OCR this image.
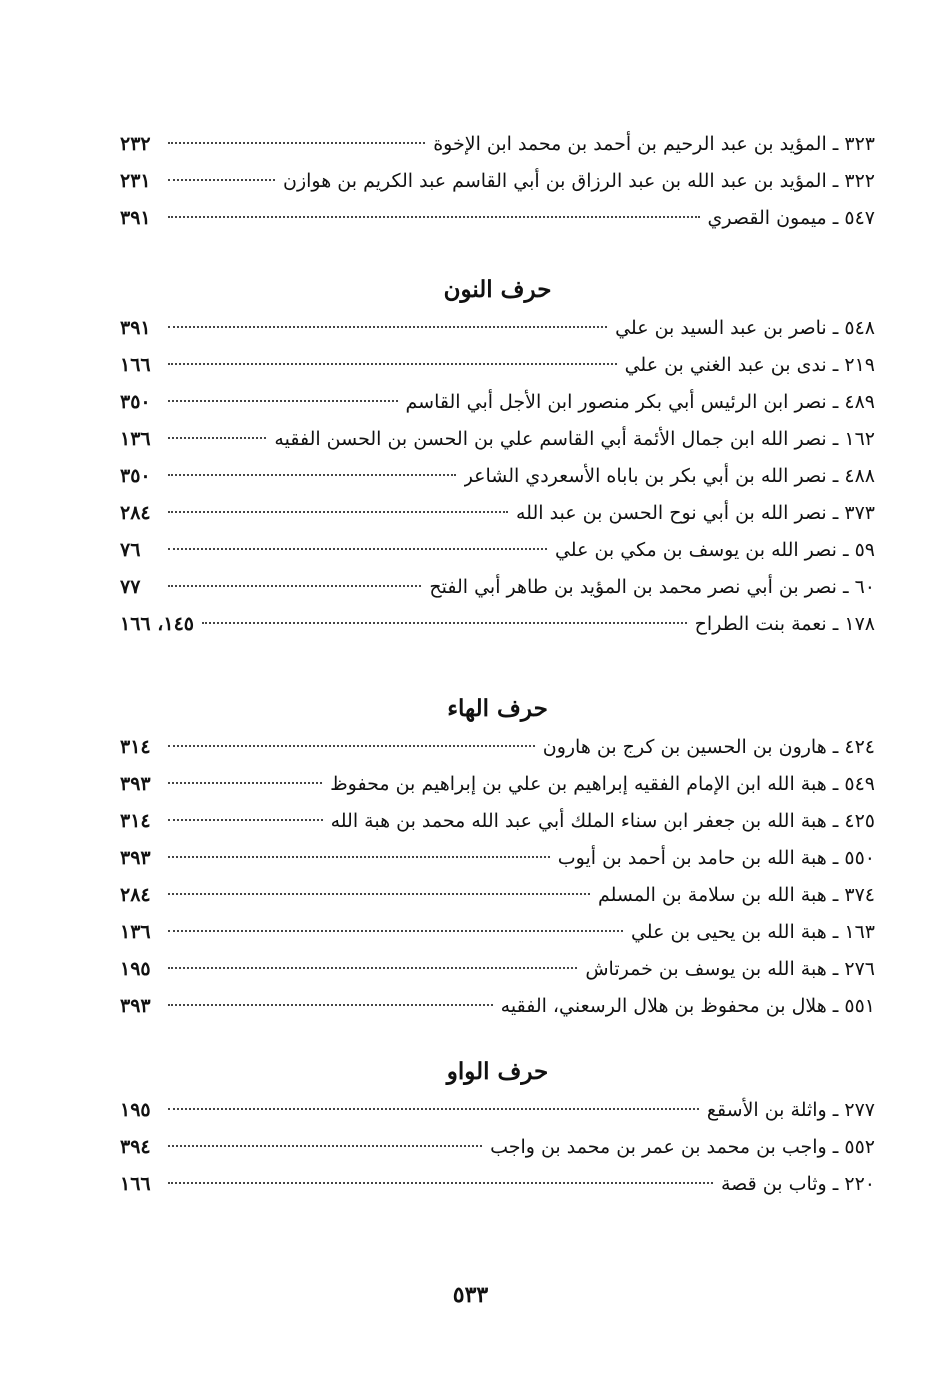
٣٢٣ ـ المؤيد بن عبد الرحيم بن أحمد بن محمد ابن الإخوة
٢٣٢
٣٢٢ ـ المؤيد بن عبد الله بن عبد الرزاق بن أبي القاسم عبد الكريم بن هوازن
٢٣١
٥٤٧ ـ ميمون القصري
٣٩١
حرف النون
٥٤٨ ـ ناصر بن عبد السيد بن علي
٣٩١
٢١٩ ـ ندى بن عبد الغني بن علي
١٦٦
٤٨٩ ـ نصر ابن الرئيس أبي بكر منصور ابن الأجل أبي القاسم
٣٥٠
١٦٢ ـ نصر الله ابن جمال الأئمة أبي القاسم علي بن الحسن بن الحسن الفقيه
١٣٦
٤٨٨ ـ نصر الله بن أبي بكر بن باباه الأسعردي الشاعر
٣٥٠
٣٧٣ ـ نصر الله بن أبي نوح الحسن بن عبد الله
٢٨٤
٥٩ ـ نصر الله بن يوسف بن مكي بن علي
٧٦
٦٠ ـ نصر بن أبي نصر محمد بن المؤيد بن طاهر أبي الفتح
٧٧
١٧٨ ـ نعمة بنت الطراح
١٤٥، ١٦٦
حرف الهاء
٤٢٤ ـ هارون بن الحسين بن كرج بن هارون
٣١٤
٥٤٩ ـ هبة الله ابن الإمام الفقيه إبراهيم بن علي بن إبراهيم بن محفوظ
٣٩٣
٤٢٥ ـ هبة الله بن جعفر ابن سناء الملك أبي عبد الله محمد بن هبة الله
٣١٤
٥٥٠ ـ هبة الله بن حامد بن أحمد بن أيوب
٣٩٣
٣٧٤ ـ هبة الله بن سلامة بن المسلم
٢٨٤
١٦٣ ـ هبة الله بن يحيى بن علي
١٣٦
٢٧٦ ـ هبة الله بن يوسف بن خمرتاش
١٩٥
٥٥١ ـ هلال بن محفوظ بن هلال الرسعني، الفقيه
٣٩٣
حرف الواو
٢٧٧ ـ واثلة بن الأسقع
١٩٥
٥٥٢ ـ واجب بن محمد بن عمر بن محمد بن واجب
٣٩٤
٢٢٠ ـ وثاب بن قصة
١٦٦
٥٣٣
